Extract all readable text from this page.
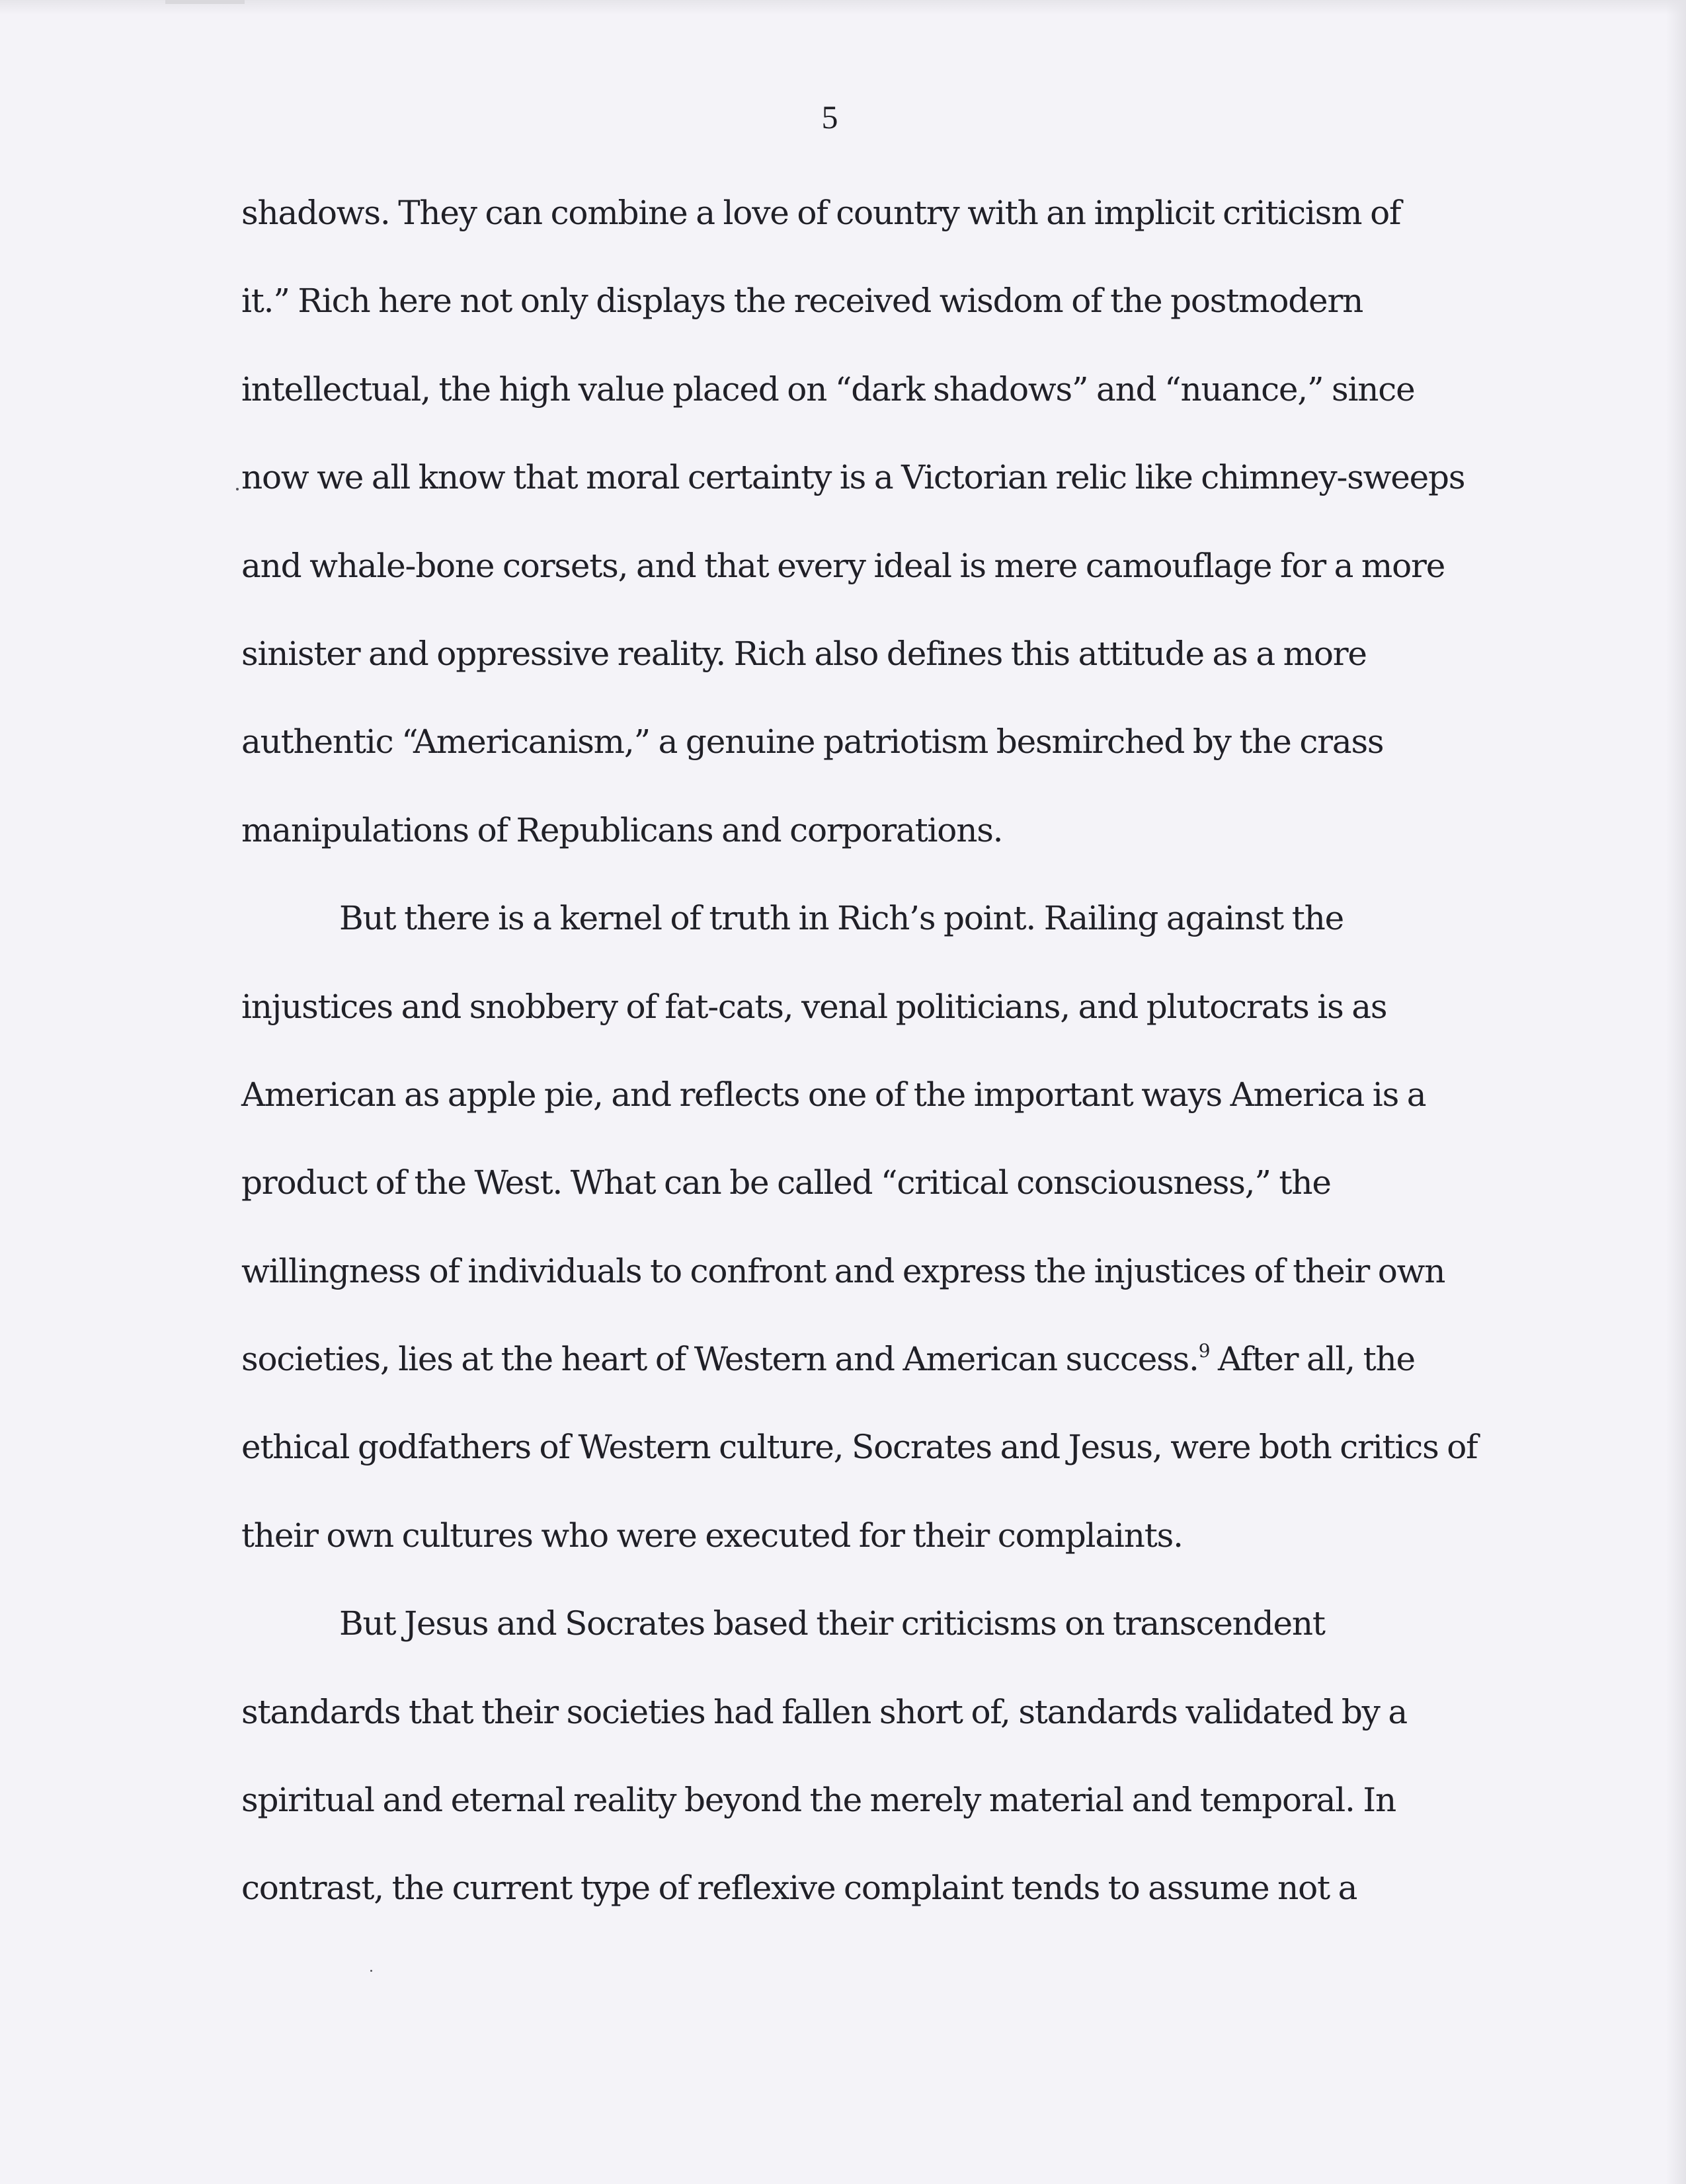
5
shadows. They can combine a love of country with an implicit criticism of
it.” Rich here not only displays the received wisdom of the postmodern
intellectual, the high value placed on “dark shadows” and “nuance,” since
now we all know that moral certainty is a Victorian relic like chimney-sweeps
and whale-bone corsets, and that every ideal is mere camouflage for a more
sinister and oppressive reality. Rich also defines this attitude as a more
authentic “Americanism,” a genuine patriotism besmirched by the crass
manipulations of Republicans and corporations.
But there is a kernel of truth in Rich’s point. Railing against the
injustices and snobbery of fat-cats, venal politicians, and plutocrats is as
American as apple pie, and reflects one of the important ways America is a
product of the West. What can be called “critical consciousness,” the
willingness of individuals to confront and express the injustices of their own
societies, lies at the heart of Western and American success.$^9$ After all, the
ethical godfathers of Western culture, Socrates and Jesus, were both critics of
their own cultures who were executed for their complaints.
But Jesus and Socrates based their criticisms on transcendent
standards that their societies had fallen short of, standards validated by a
spiritual and eternal reality beyond the merely material and temporal. In
contrast, the current type of reflexive complaint tends to assume not a
